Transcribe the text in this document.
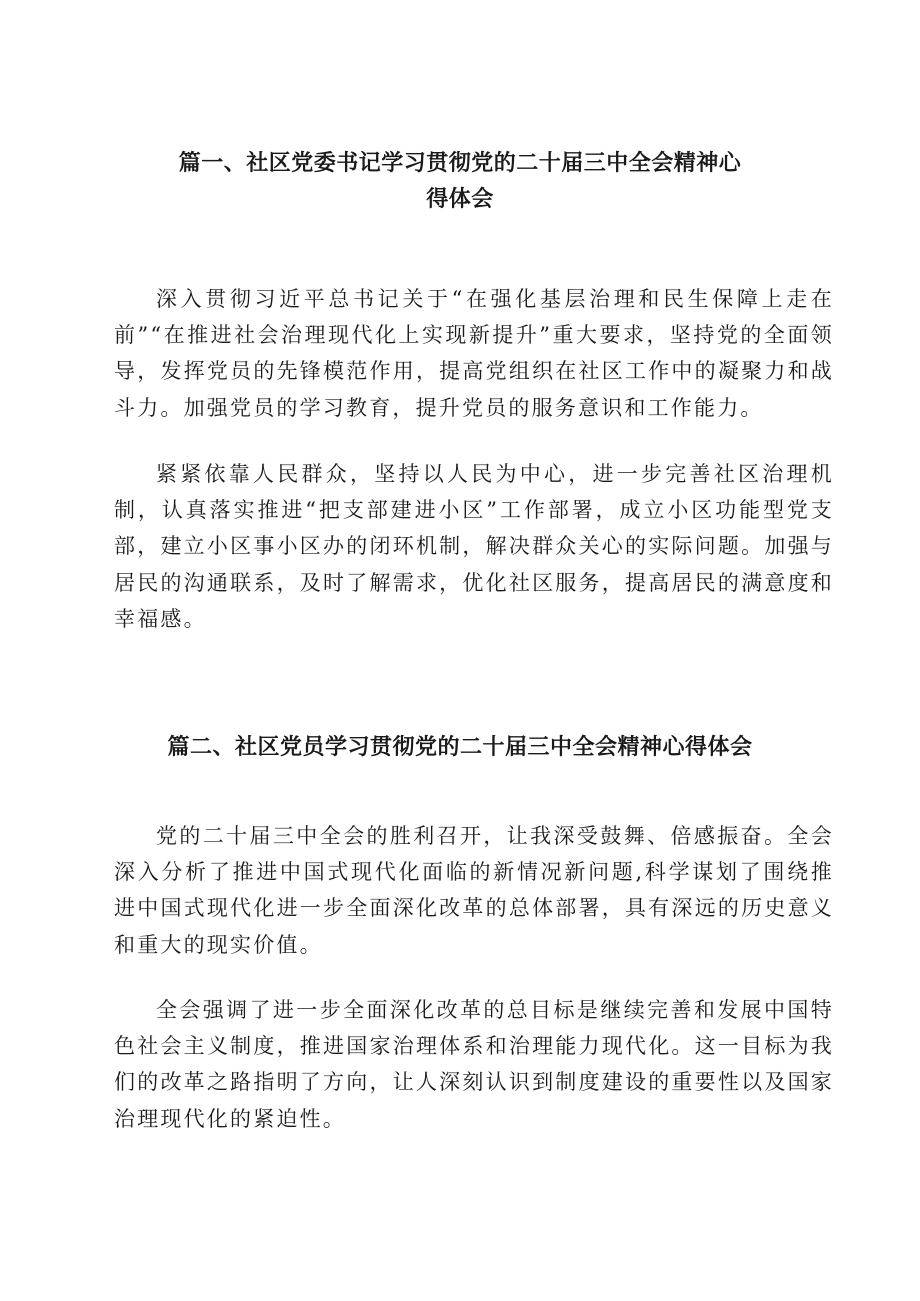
篇一、社区党委书记学习贯彻党的二十届三中全会精神心
得体会

深入贯彻习近平总书记关于“在强化基层治理和民生保障上走在前”“在推进社会治理现代化上实现新提升”重大要求，坚持党的全面领导，发挥党员的先锋模范作用，提高党组织在社区工作中的凝聚力和战斗力。加强党员的学习教育，提升党员的服务意识和工作能力。

紧紧依靠人民群众，坚持以人民为中心，进一步完善社区治理机制，认真落实推进“把支部建进小区”工作部署，成立小区功能型党支部，建立小区事小区办的闭环机制，解决群众关心的实际问题。加强与居民的沟通联系，及时了解需求，优化社区服务，提高居民的满意度和幸福感。

篇二、社区党员学习贯彻党的二十届三中全会精神心得体会

党的二十届三中全会的胜利召开，让我深受鼓舞、倍感振奋。全会深入分析了推进中国式现代化面临的新情况新问题,科学谋划了围绕推进中国式现代化进一步全面深化改革的总体部署，具有深远的历史意义和重大的现实价值。

全会强调了进一步全面深化改革的总目标是继续完善和发展中国特色社会主义制度，推进国家治理体系和治理能力现代化。这一目标为我们的改革之路指明了方向，让人深刻认识到制度建设的重要性以及国家治理现代化的紧迫性。
